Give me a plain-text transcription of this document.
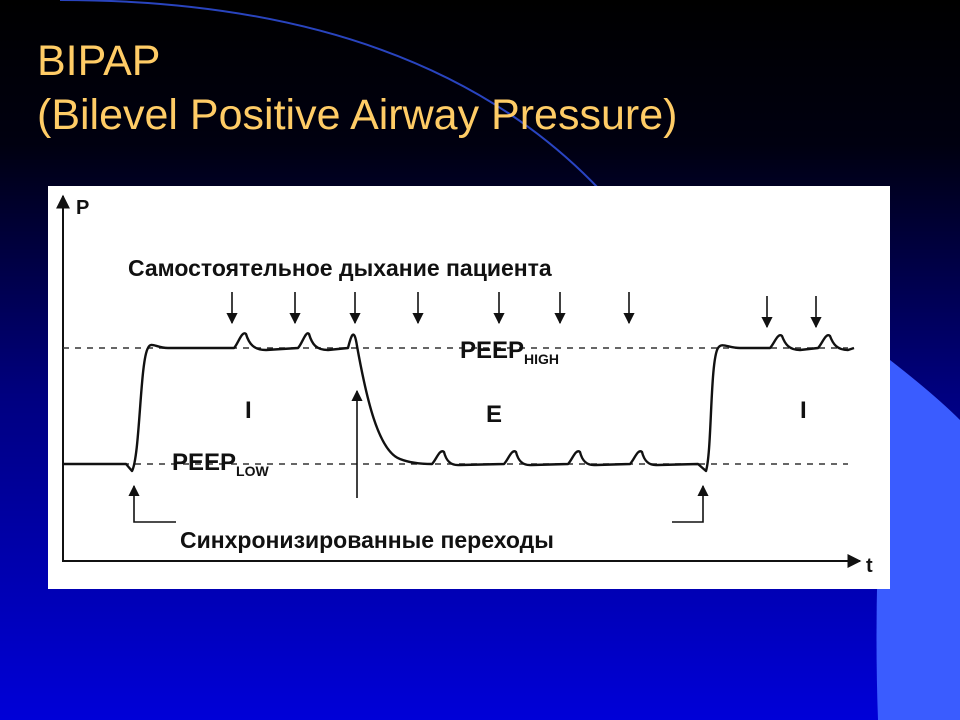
BIPAP
(Bilevel Positive Airway Pressure)
P
t
Самостоятельное дыхание пациента
$PEEP_{HIGH}$
$PEEP_{LOW}$
I	E	I
Синхронизированные переходы
